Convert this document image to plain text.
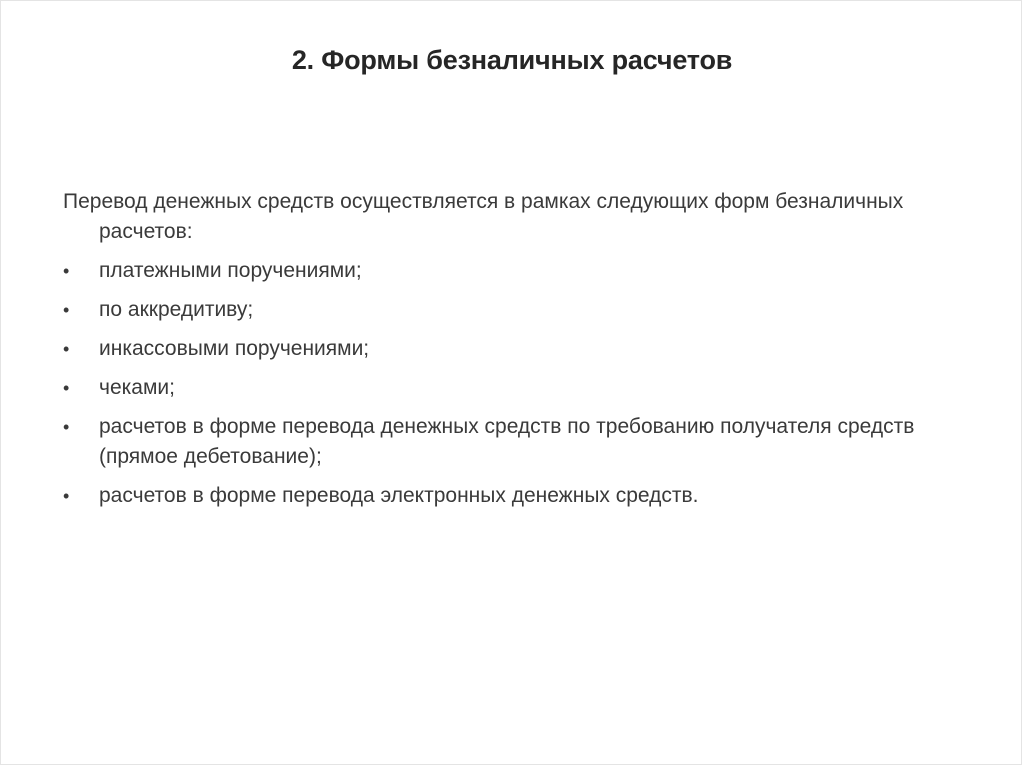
2. Формы безналичных расчетов

Перевод денежных средств осуществляется в рамках следующих форм безналичных расчетов:

•	платежными поручениями;
•	по аккредитиву;
•	инкассовыми поручениями;
•	чеками;
•	расчетов в форме перевода денежных средств по требованию получателя средств (прямое дебетование);
•	расчетов в форме перевода электронных денежных средств.
